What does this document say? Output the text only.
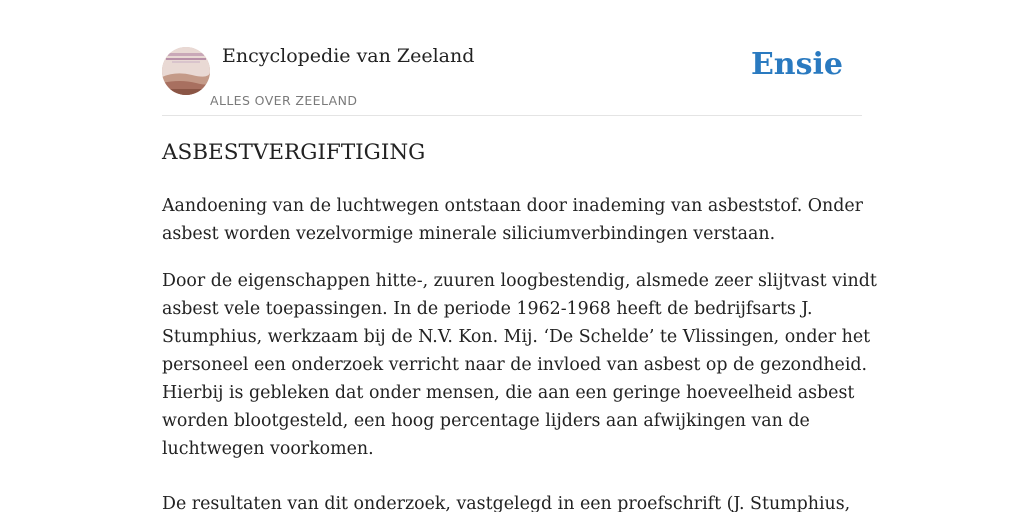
Encyclopedie van Zeeland
ALLES OVER ZEELAND
Ensie
ASBESTVERGIFTIGING

Aandoening van de luchtwegen ontstaan door inademing van asbeststof. Onder
asbest worden vezelvormige minerale siliciumverbindingen verstaan.

Door de eigenschappen hitte-, zuuren loogbestendig, alsmede zeer slijtvast vindt
asbest vele toepassingen. In de periode 1962-1968 heeft de bedrijfsarts J.
Stumphius, werkzaam bij de N.V. Kon. Mij. ‘De Schelde’ te Vlissingen, onder het
personeel een onderzoek verricht naar de invloed van asbest op de gezondheid.
Hierbij is gebleken dat onder mensen, die aan een geringe hoeveelheid asbest
worden blootgesteld, een hoog percentage lijders aan afwijkingen van de
luchtwegen voorkomen.

De resultaten van dit onderzoek, vastgelegd in een proefschrift (J. Stumphius,
